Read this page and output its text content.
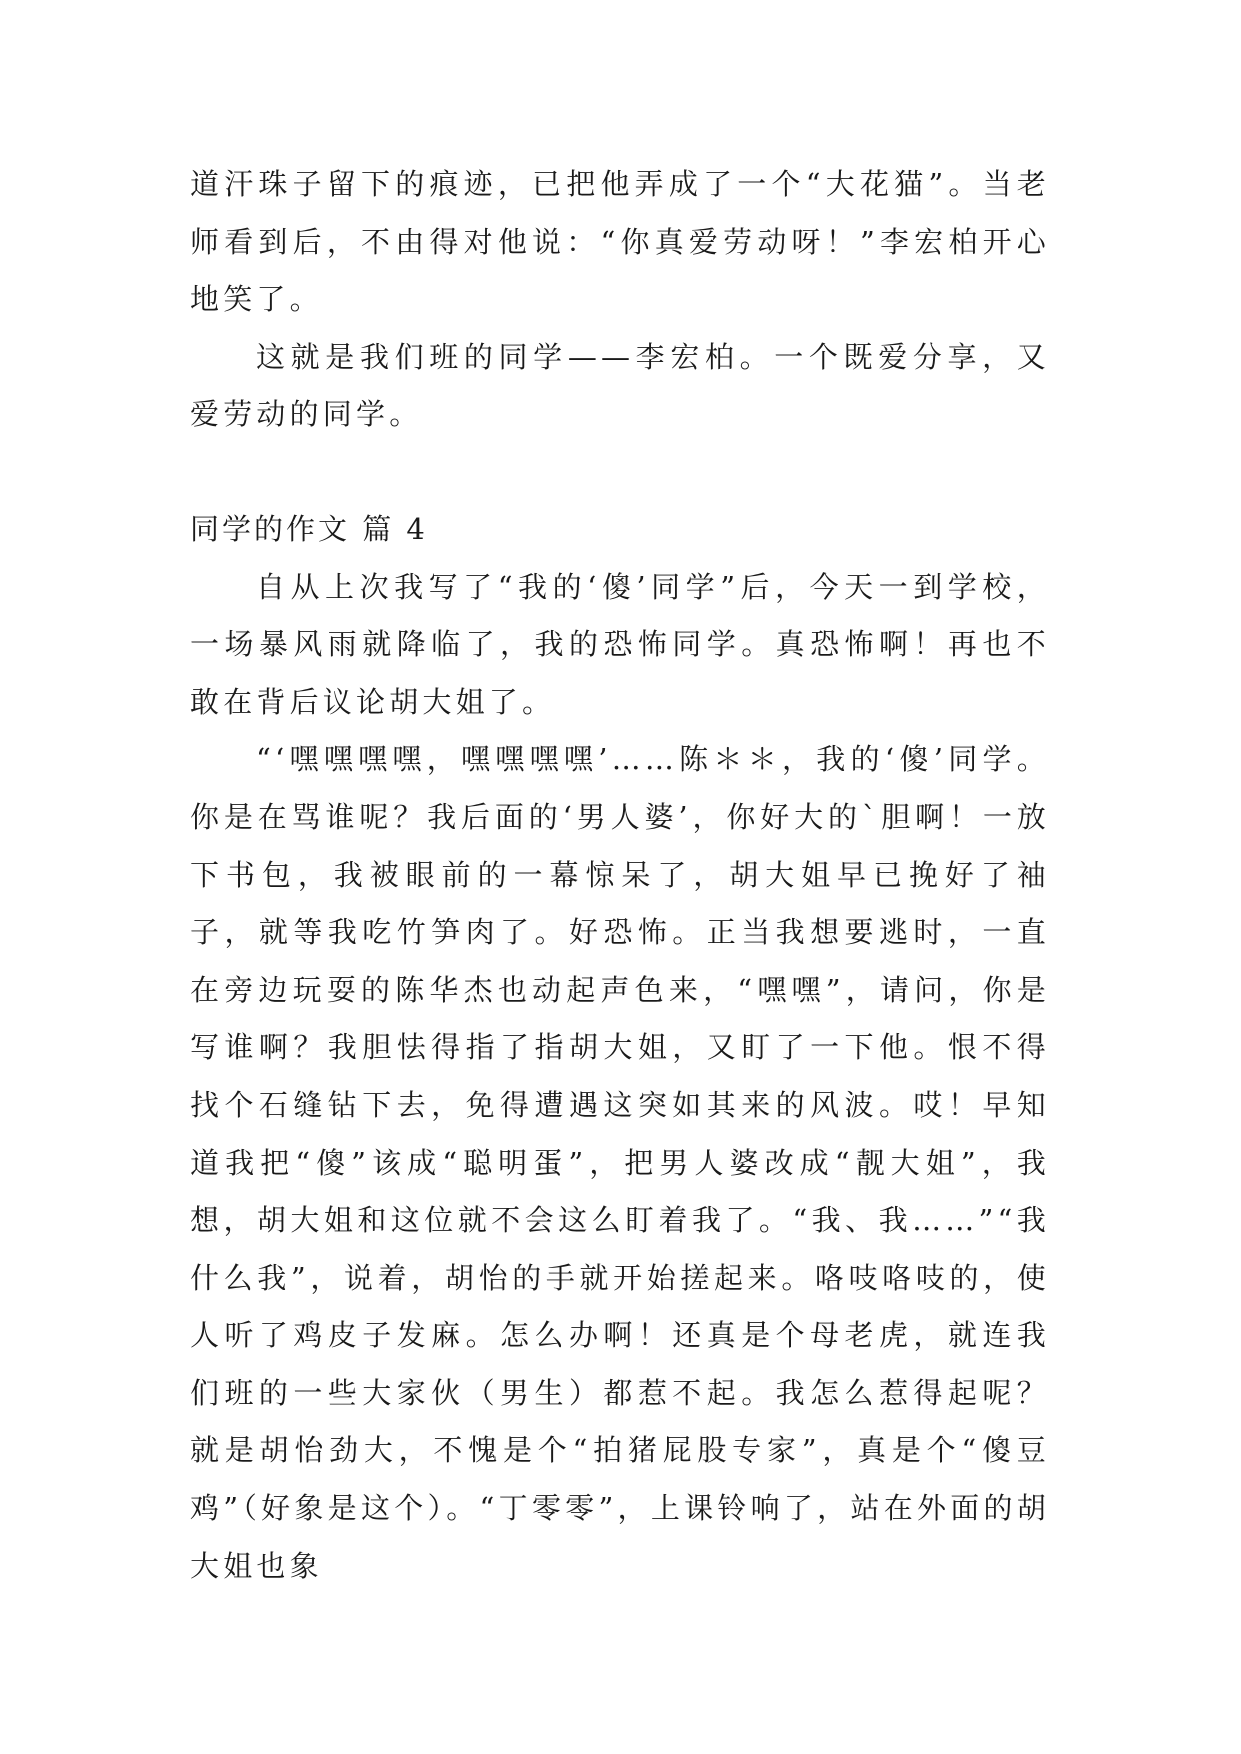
道汗珠子留下的痕迹，已把他弄成了一个“大花猫”。当老师看到后，不由得对他说：“你真爱劳动呀！”李宏柏开心地笑了。

这就是我们班的同学——李宏柏。一个既爱分享，又爱劳动的同学。

同学的作文 篇 4

自从上次我写了“我的‘傻’同学”后，今天一到学校，一场暴风雨就降临了，我的恐怖同学。真恐怖啊！再也不敢在背后议论胡大姐了。

“‘嘿嘿嘿嘿，嘿嘿嘿嘿’……陈＊＊，我的‘傻’同学。你是在骂谁呢？我后面的‘男人婆’，你好大的`胆啊！一放下书包，我被眼前的一幕惊呆了，胡大姐早已挽好了袖子，就等我吃竹笋肉了。好恐怖。正当我想要逃时，一直在旁边玩耍的陈华杰也动起声色来，“嘿嘿”，请问，你是写谁啊？我胆怯得指了指胡大姐，又盯了一下他。恨不得找个石缝钻下去，免得遭遇这突如其来的风波。哎！早知道我把“傻”该成“聪明蛋”，把男人婆改成“靓大姐”，我想，胡大姐和这位就不会这么盯着我了。“我、我……”“我什么我”，说着，胡怡的手就开始搓起来。咯吱咯吱的，使人听了鸡皮子发麻。怎么办啊！还真是个母老虎，就连我们班的一些大家伙（男生）都惹不起。我怎么惹得起呢？就是胡怡劲大，不愧是个“拍猪屁股专家”，真是个“傻豆鸡”（好象是这个）。“丁零零”，上课铃响了，站在外面的胡大姐也象
